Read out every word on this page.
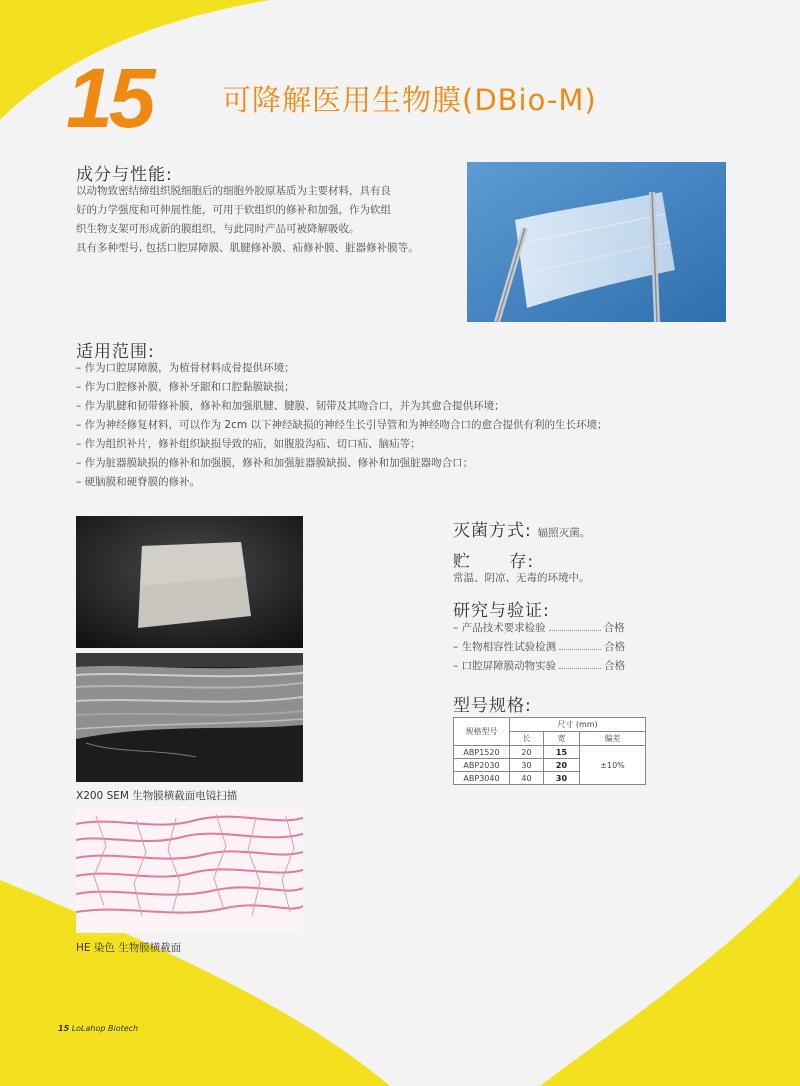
15 可降解医用生物膜(DBio-M)
成分与性能:
以动物致密结缔组织脱细胞后的细胞外胶原基质为主要材料，具有良
好的力学强度和可伸展性能，可用于软组织的修补和加强，作为软组
织生物支架可形成新的膜组织，与此同时产品可被降解吸收。
具有多种型号, 包括口腔屏障膜、肌腱修补膜、疝修补膜、脏器修补膜等。
适用范围:
– 作为口腔屏障膜，为植骨材料成骨提供环境；
– 作为口腔修补膜，修补牙龈和口腔黏膜缺损；
– 作为肌腱和韧带修补膜，修补和加强肌腱、腱膜、韧带及其吻合口，并为其愈合提供环境；
– 作为神经修复材料，可以作为 2cm 以下神经缺损的神经生长引导管和为神经吻合口的愈合提供有利的生长环境；
– 作为组织补片，修补组织缺损导致的疝，如腹股沟疝、切口疝、脑疝等；
– 作为脏器膜缺损的修补和加强膜，修补和加强脏器膜缺损、修补和加强脏器吻合口；
– 硬脑膜和硬脊膜的修补。
X200 SEM 生物膜横截面电镜扫描
HE 染色 生物膜横截面
灭菌方式: 辐照灭菌。
贮      存:
常温、阴凉、无毒的环境中。
研究与验证:
– 产品技术要求检验	合格
– 生物相容性试验检测	合格
– 口腔屏障膜动物实验	合格
型号规格:
规格型号	尺寸 (mm)		
	长	宽	偏差
ABP1520	20	15	±10%
ABP2030	30	20	
ABP3040	40	30	
15 LoLahop Biotech
